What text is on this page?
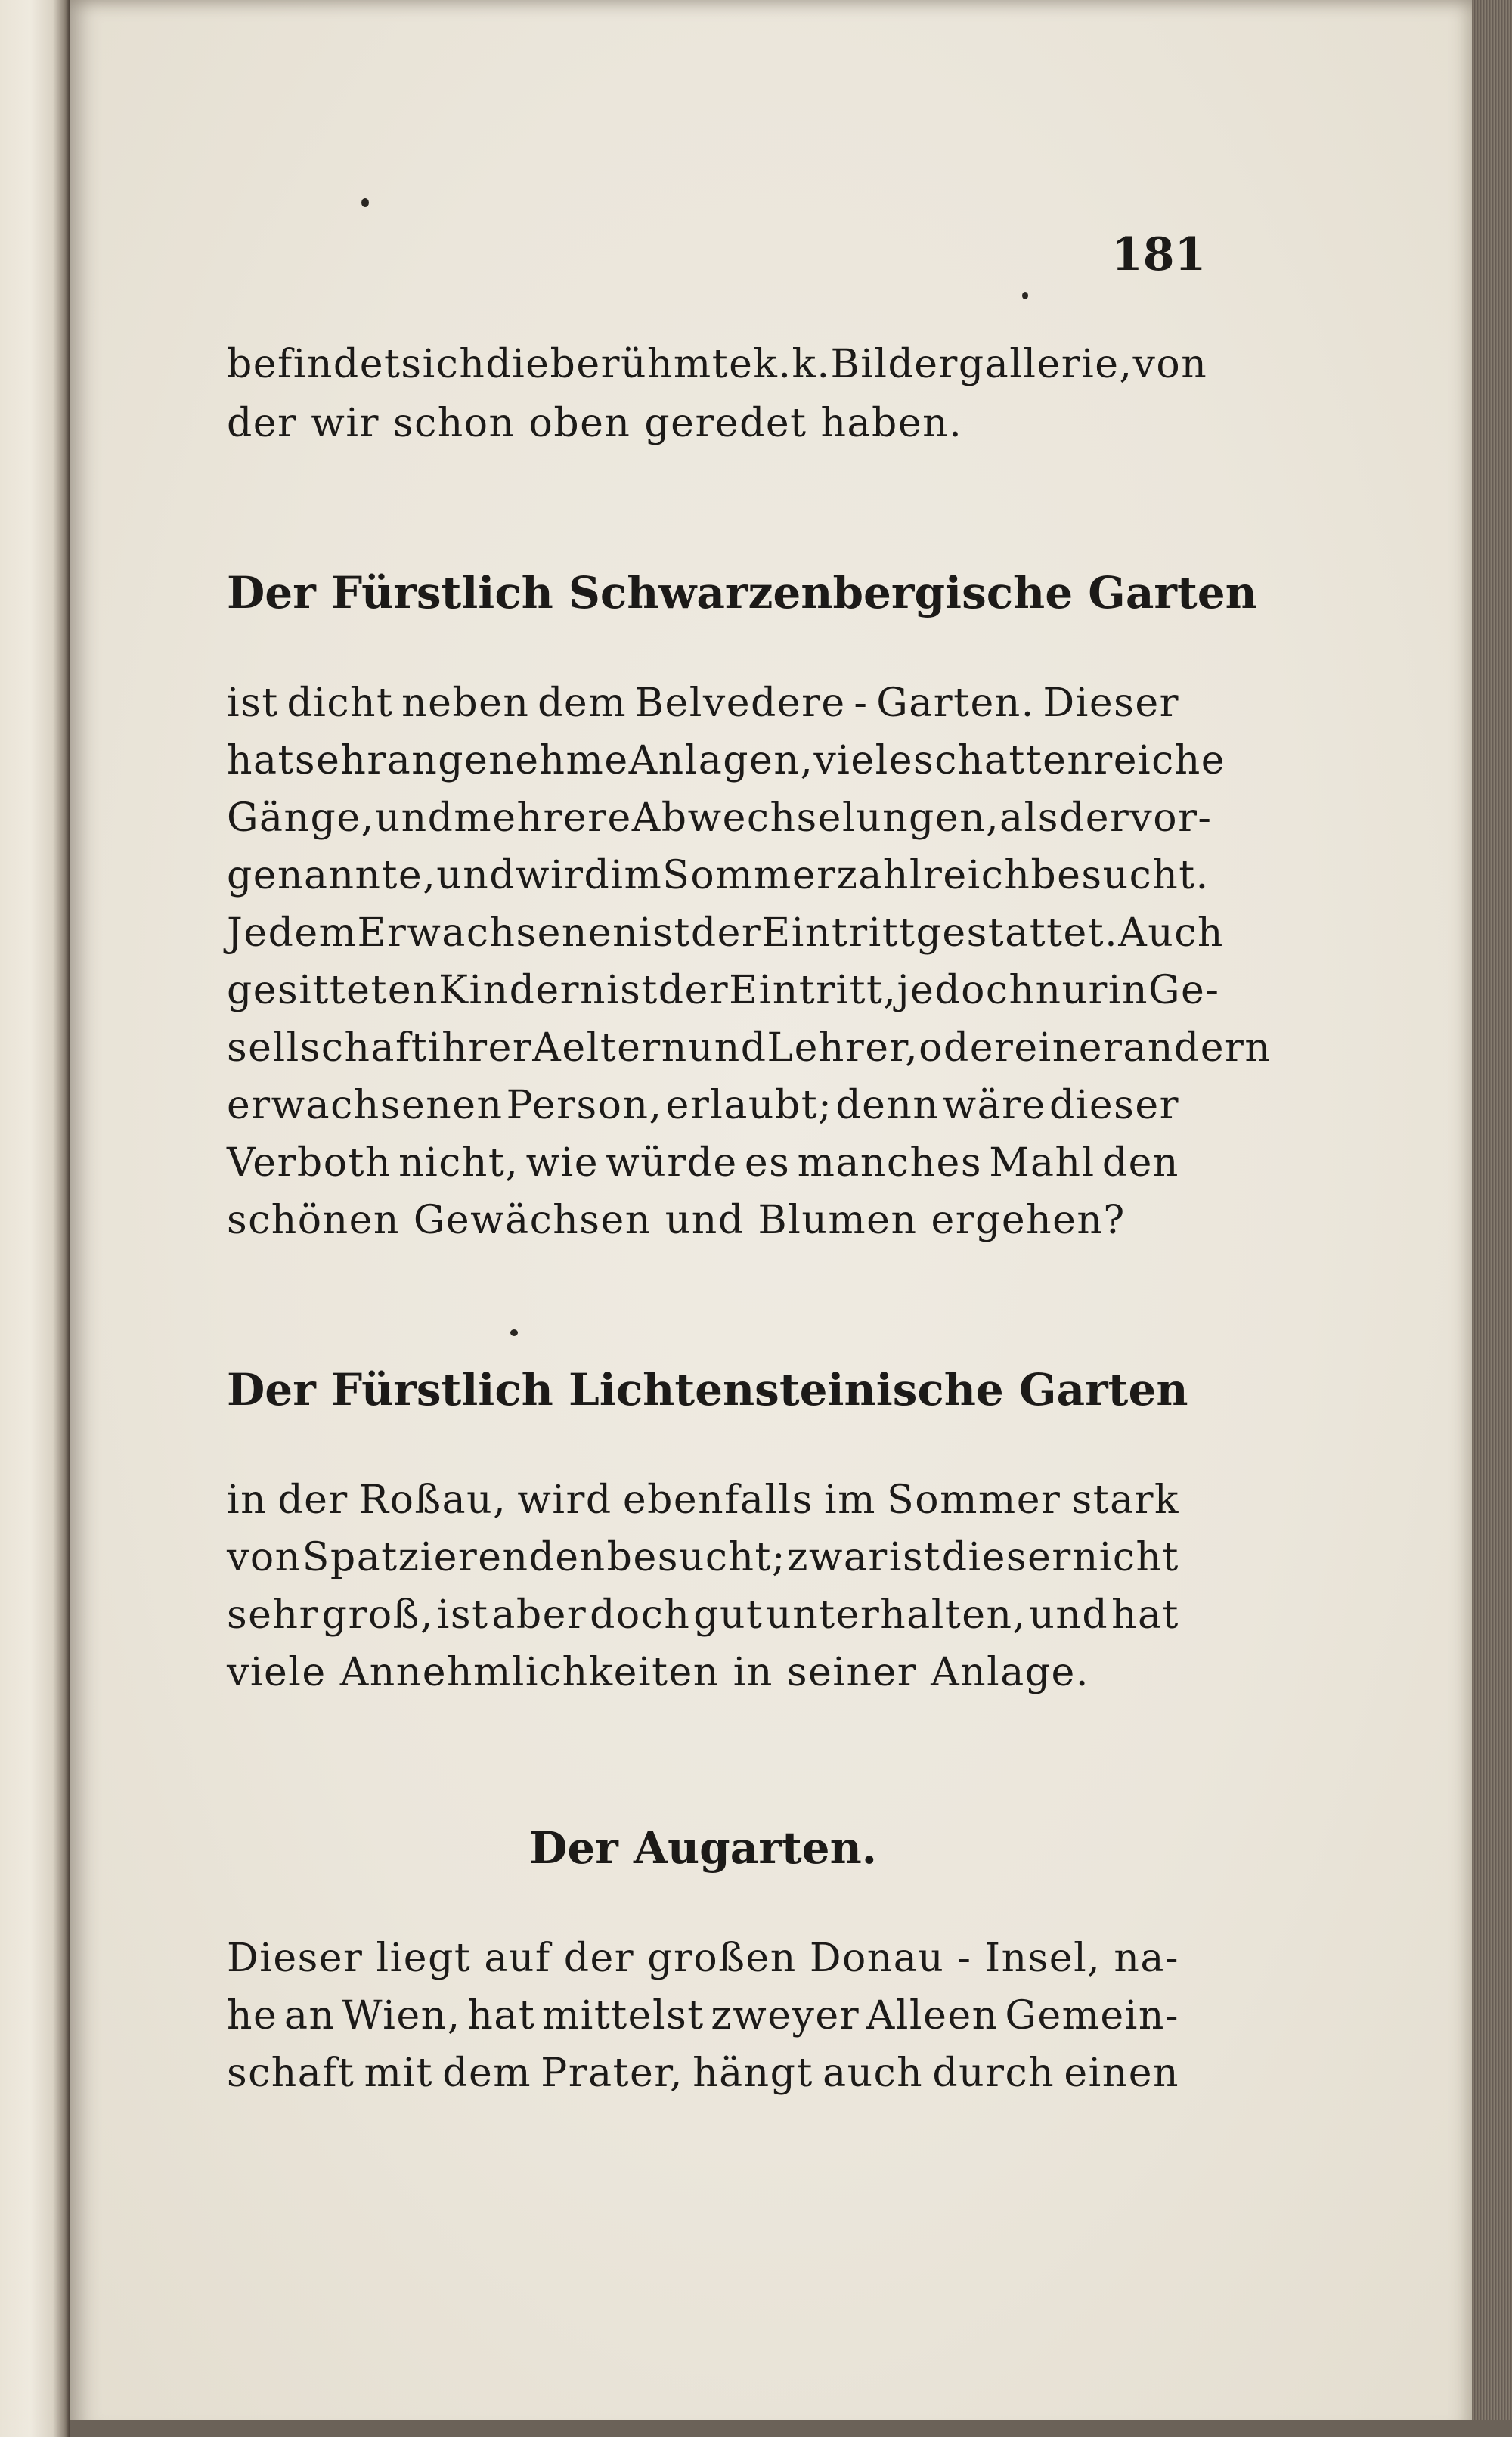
181
befindet sich die berühmte k. k. Bildergallerie, von
der wir schon oben geredet haben.
Der Fürstlich Schwarzenbergische Garten
ist dicht neben dem Belvedere - Garten. Dieser
hat sehr angenehme Anlagen, viele schattenreiche
Gänge, und mehrere Abwechselungen, als der vor-
genannte, und wird im Sommer zahlreich besucht.
Jedem Erwachsenen ist der Eintritt gestattet. Auch
gesitteten Kindern ist der Eintritt, jedoch nur in Ge-
sellschaft ihrer Aeltern und Lehrer, oder einer andern
erwachsenen Person, erlaubt; denn wäre dieser
Verboth nicht, wie würde es manches Mahl den
schönen Gewächsen und Blumen ergehen?
Der Fürstlich Lichtensteinische Garten
in der Roßau, wird ebenfalls im Sommer stark
von Spatzierenden besucht; zwar ist dieser nicht
sehr groß, ist aber doch gut unterhalten, und hat
viele Annehmlichkeiten in seiner Anlage.
Der Augarten.
Dieser liegt auf der großen Donau - Insel, na-
he an Wien, hat mittelst zweyer Alleen Gemein-
schaft mit dem Prater, hängt auch durch einen
